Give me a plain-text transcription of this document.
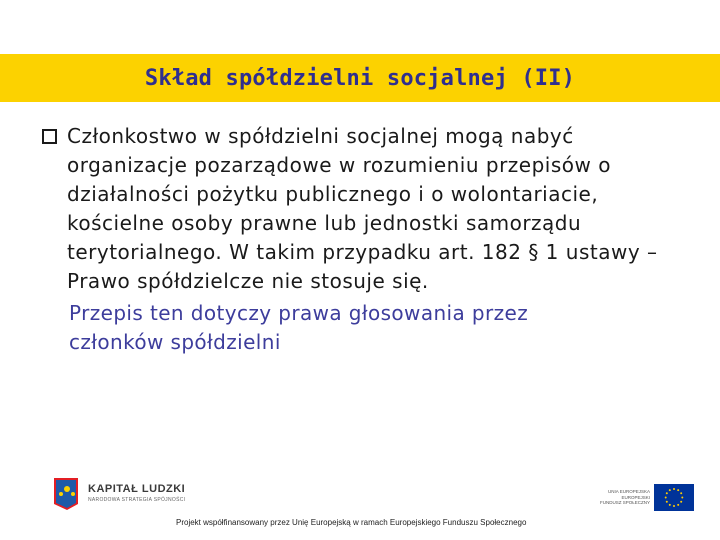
Skład spółdzielni socjalnej (II)
Członkostwo w spółdzielni socjalnej mogą nabyć organizacje pozarządowe w rozumieniu przepisów o działalności pożytku publicznego i o wolontariacie, kościelne osoby prawne lub jednostki samorządu terytorialnego. W takim przypadku art. 182 § 1 ustawy – Prawo spółdzielcze nie stosuje się.
Przepis ten dotyczy prawa głosowania przez członków spółdzielni
KAPITAŁ LUDZKI
NARODOWA STRATEGIA SPÓJNOŚCI
UNIA EUROPEJSKA EUROPEJSKI FUNDUSZ SPOŁECZNY
Projekt współfinansowany przez Unię Europejską w ramach Europejskiego Funduszu Społecznego
